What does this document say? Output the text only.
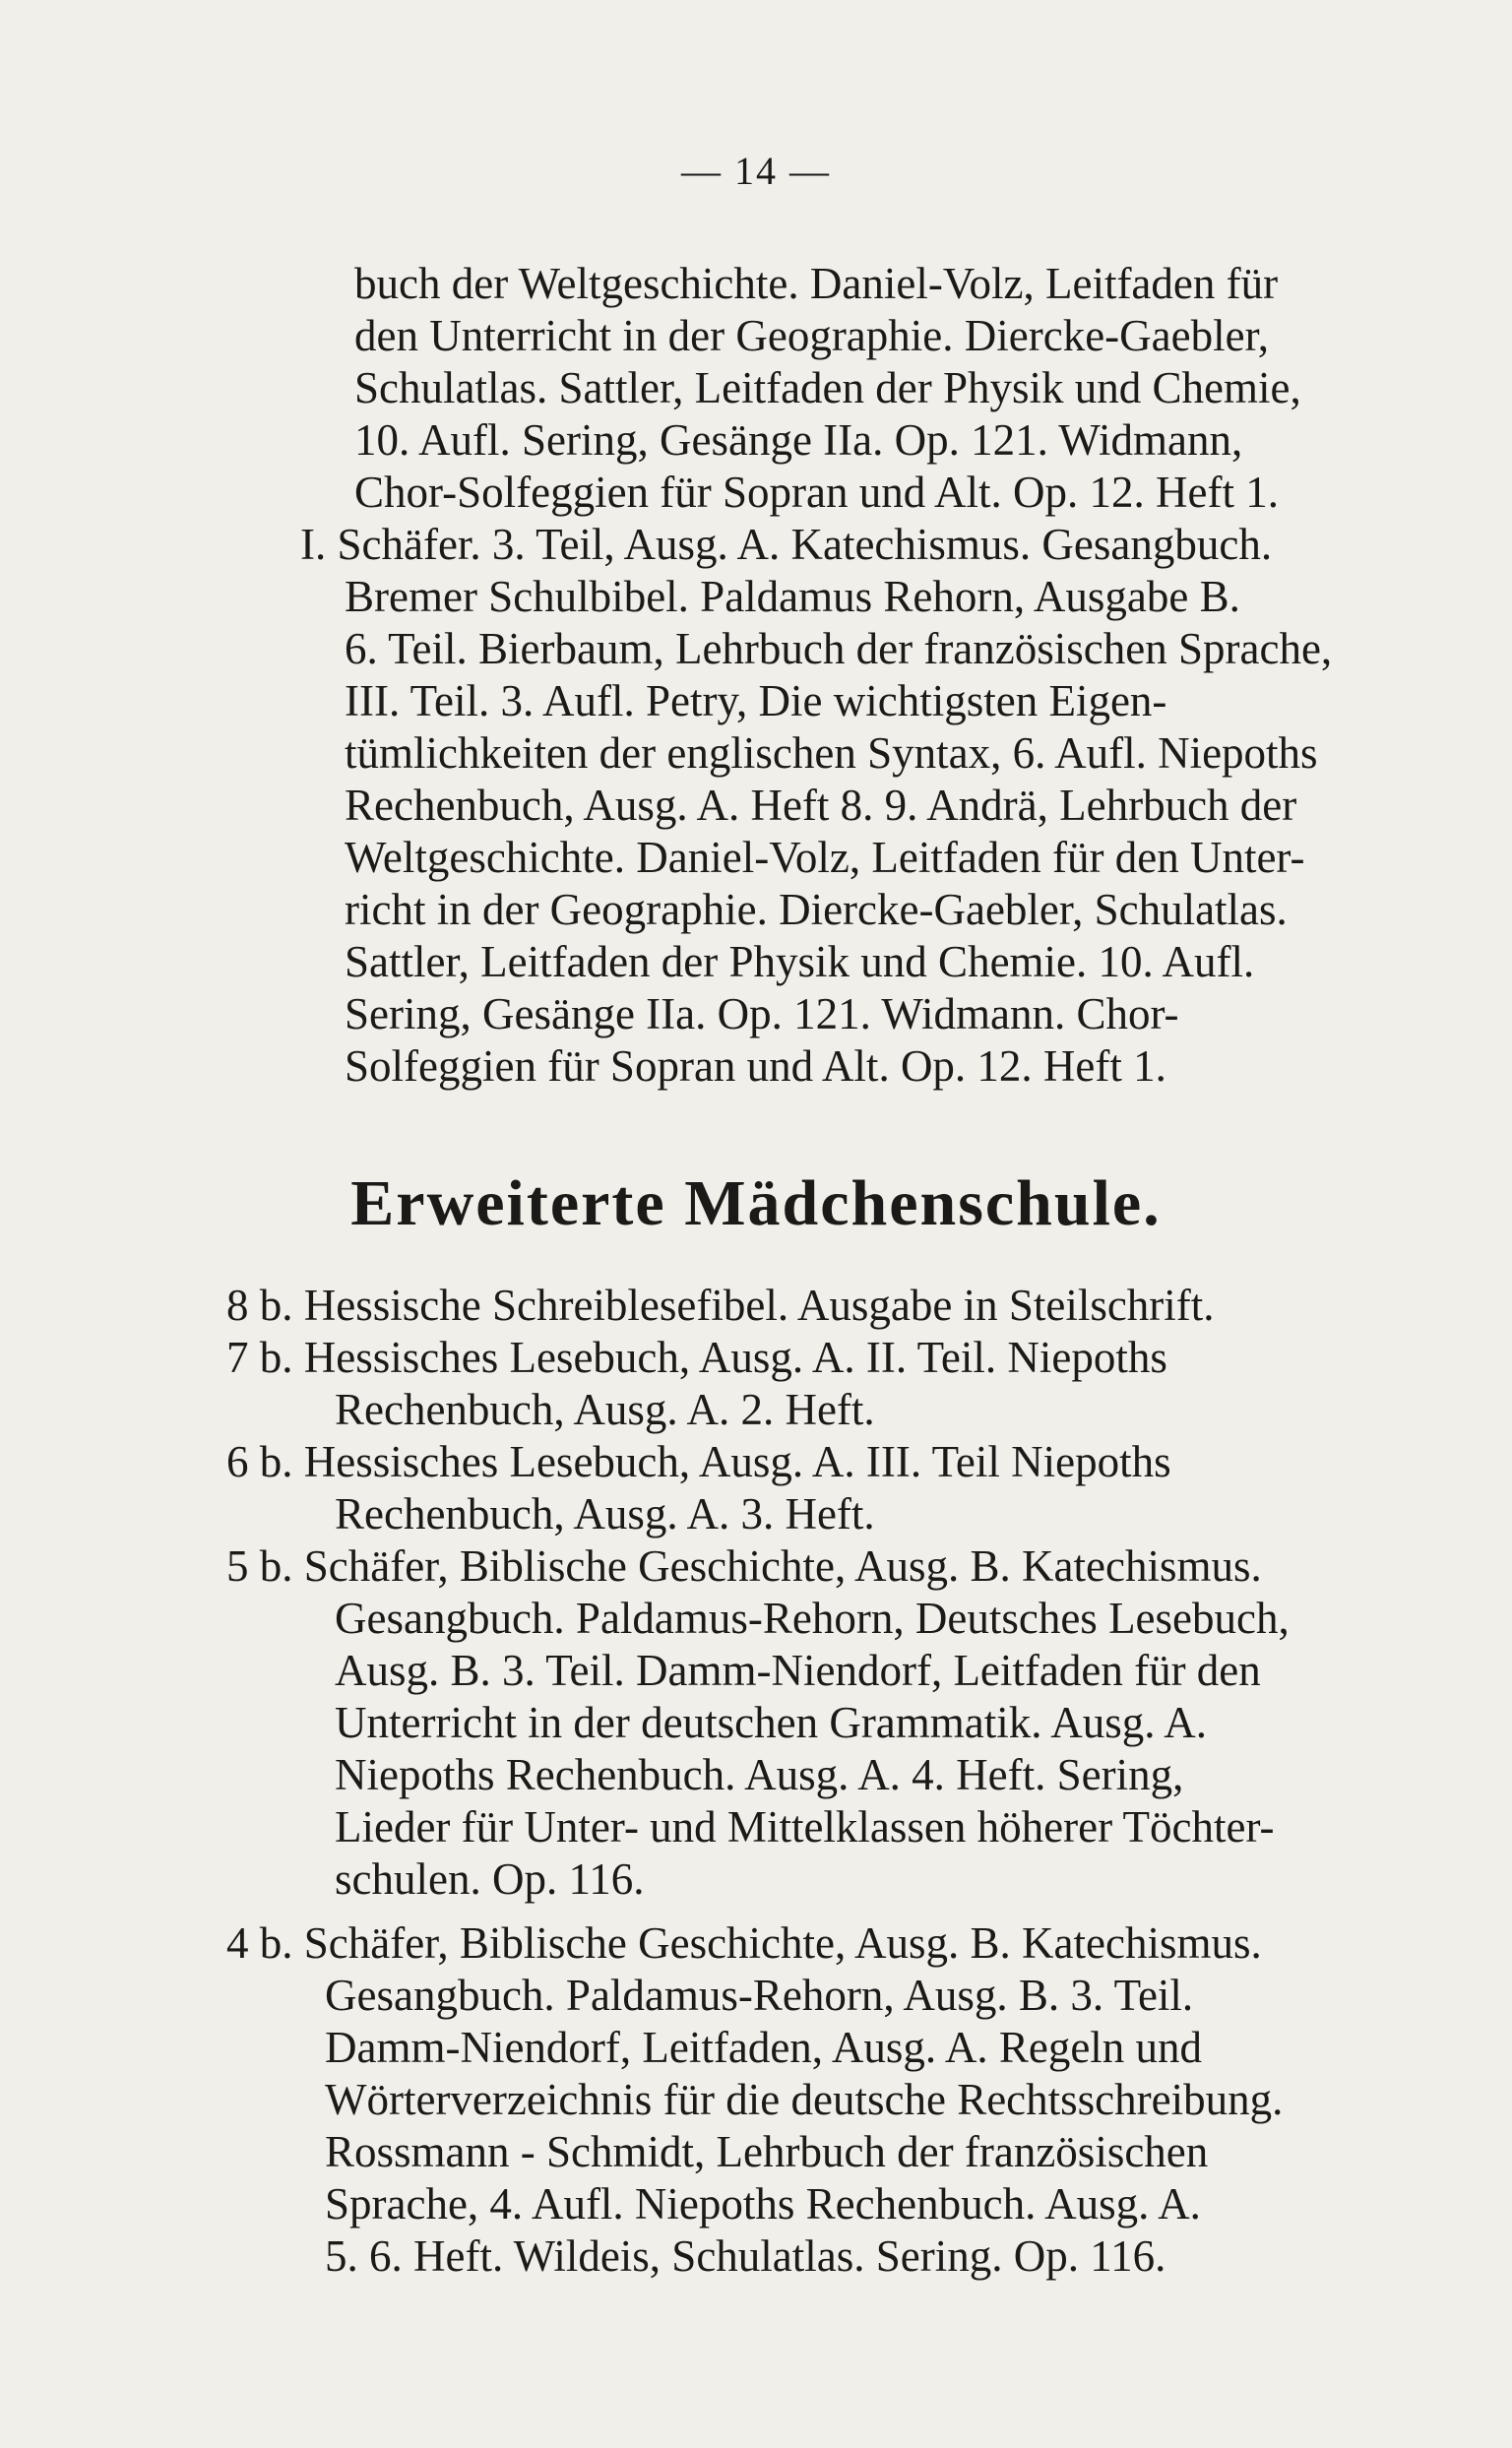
— 14 —
buch der Weltgeschichte. Daniel-Volz, Leitfaden für
den Unterricht in der Geographie. Diercke-Gaebler,
Schulatlas. Sattler, Leitfaden der Physik und Chemie,
10. Aufl. Sering, Gesänge IIa. Op. 121. Widmann,
Chor-Solfeggien für Sopran und Alt. Op. 12. Heft 1.
I. Schäfer. 3. Teil, Ausg. A. Katechismus. Gesangbuch.
Bremer Schulbibel. Paldamus Rehorn, Ausgabe B.
6. Teil. Bierbaum, Lehrbuch der französischen Sprache,
III. Teil. 3. Aufl. Petry, Die wichtigsten Eigen-
tümlichkeiten der englischen Syntax, 6. Aufl. Niepoths
Rechenbuch, Ausg. A. Heft 8. 9. Andrä, Lehrbuch der
Weltgeschichte. Daniel-Volz, Leitfaden für den Unter-
richt in der Geographie. Diercke-Gaebler, Schulatlas.
Sattler, Leitfaden der Physik und Chemie. 10. Aufl.
Sering, Gesänge IIa. Op. 121. Widmann. Chor-
Solfeggien für Sopran und Alt. Op. 12. Heft 1.
Erweiterte Mädchenschule.
8 b. Hessische Schreiblesefibel. Ausgabe in Steilschrift.
7 b. Hessisches Lesebuch, Ausg. A. II. Teil. Niepoths
Rechenbuch, Ausg. A. 2. Heft.
6 b. Hessisches Lesebuch, Ausg. A. III. Teil Niepoths
Rechenbuch, Ausg. A. 3. Heft.
5 b. Schäfer, Biblische Geschichte, Ausg. B. Katechismus.
Gesangbuch. Paldamus-Rehorn, Deutsches Lesebuch,
Ausg. B. 3. Teil. Damm-Niendorf, Leitfaden für den
Unterricht in der deutschen Grammatik. Ausg. A.
Niepoths Rechenbuch. Ausg. A. 4. Heft. Sering,
Lieder für Unter- und Mittelklassen höherer Töchter-
schulen. Op. 116.
4 b. Schäfer, Biblische Geschichte, Ausg. B. Katechismus.
Gesangbuch. Paldamus-Rehorn, Ausg. B. 3. Teil.
Damm-Niendorf, Leitfaden, Ausg. A. Regeln und
Wörterverzeichnis für die deutsche Rechtsschreibung.
Rossmann - Schmidt, Lehrbuch der französischen
Sprache, 4. Aufl. Niepoths Rechenbuch. Ausg. A.
5. 6. Heft. Wildeis, Schulatlas. Sering. Op. 116.
